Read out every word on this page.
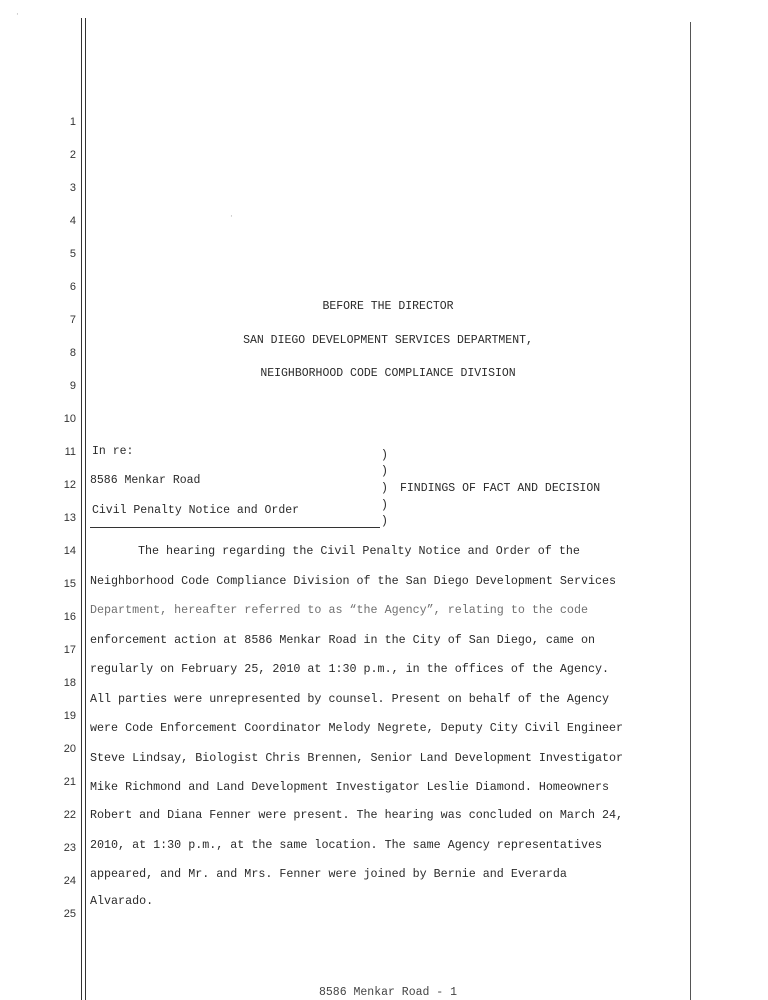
·
·
1
2
3
4
5
6
7
8
9
10
11
12
13
14
15
16
17
18
19
20
21
22
23
24
25
BEFORE THE DIRECTOR
SAN DIEGO DEVELOPMENT SERVICES DEPARTMENT,
NEIGHBORHOOD CODE COMPLIANCE DIVISION
In re:
8586 Menkar Road
Civil Penalty Notice and Order
)
)
)
)
)
FINDINGS OF FACT AND DECISION
The hearing regarding the Civil Penalty Notice and Order of the
Neighborhood Code Compliance Division of the San Diego Development Services
Department, hereafter referred to as “the Agency”, relating to the code
enforcement action at 8586 Menkar Road in the City of San Diego, came on
regularly on February 25, 2010 at 1:30 p.m., in the offices of the Agency.
All parties were unrepresented by counsel. Present on behalf of the Agency
were Code Enforcement Coordinator Melody Negrete, Deputy City Civil Engineer
Steve Lindsay, Biologist Chris Brennen, Senior Land Development Investigator
Mike Richmond and Land Development Investigator Leslie Diamond. Homeowners
Robert and Diana Fenner were present. The hearing was concluded on March 24,
2010, at 1:30 p.m., at the same location. The same Agency representatives
appeared, and Mr. and Mrs. Fenner were joined by Bernie and Everarda
Alvarado.
8586 Menkar Road - 1
